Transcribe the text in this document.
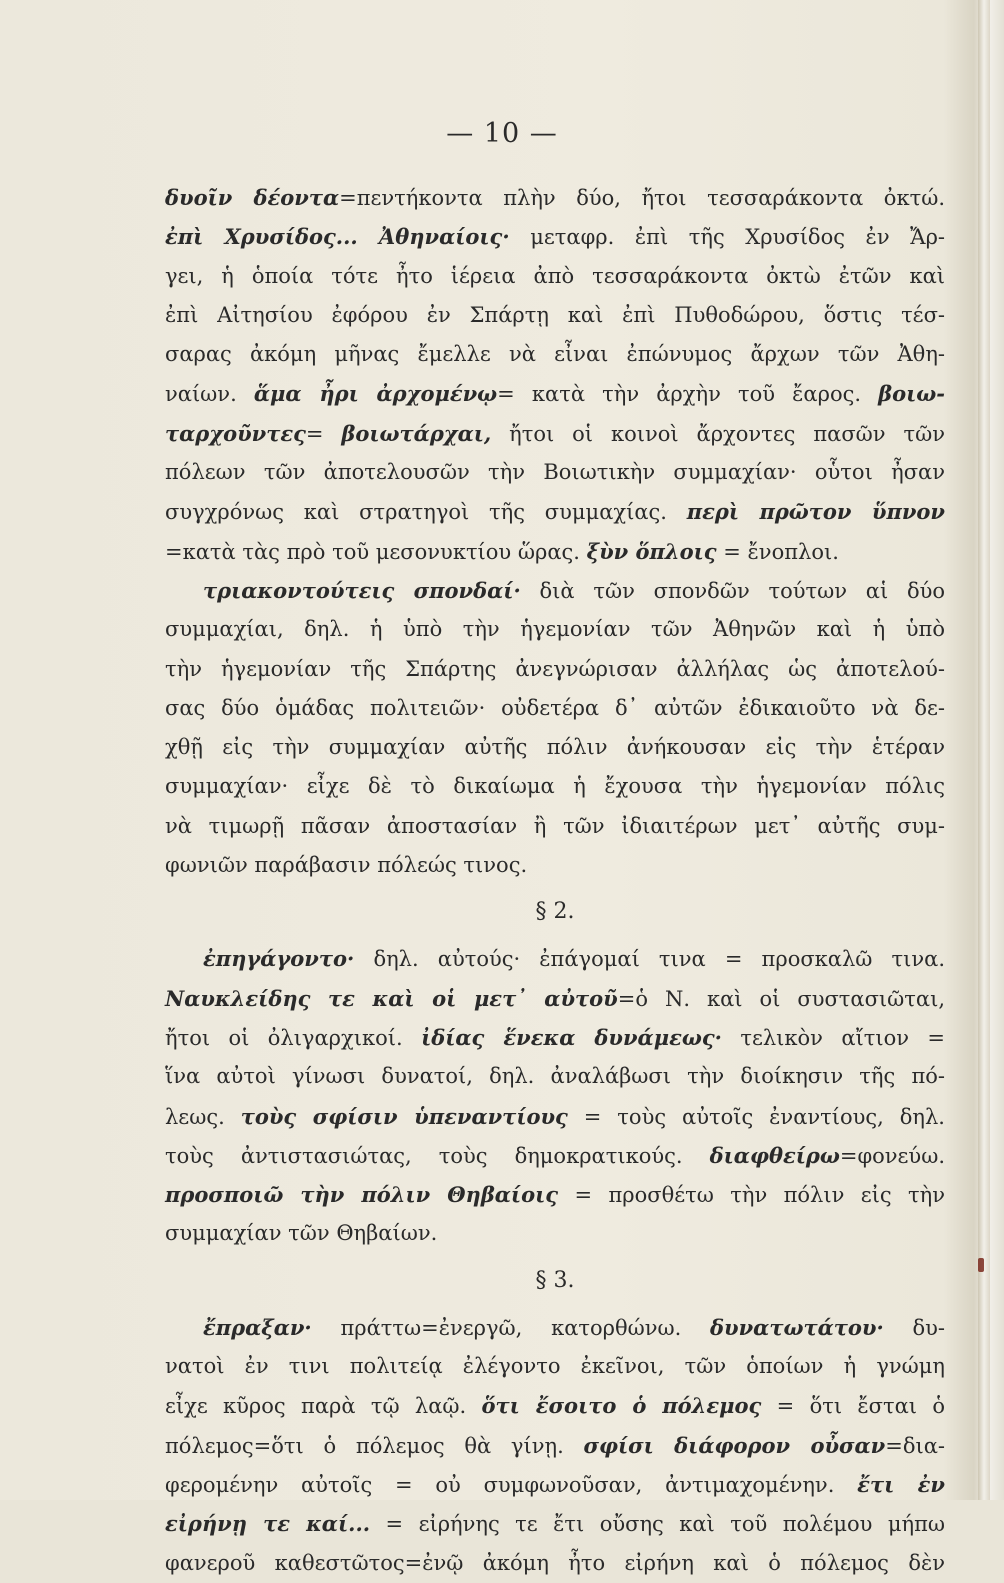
— 10 —
δυοῖν δέοντα=πεντήκοντα πλὴν δύο, ἤτοι τεσσαράκοντα ὀκτώ.
ἐπὶ Χρυσίδος... Ἀθηναίοις· μεταφρ. ἐπὶ τῆς Χρυσίδος ἐν Ἄρ-
γει, ἡ ὁποία τότε ἦτο ἱέρεια ἀπὸ τεσσαράκοντα ὀκτὼ ἐτῶν καὶ
ἐπὶ Αἰτησίου ἐφόρου ἐν Σπάρτῃ καὶ ἐπὶ Πυθοδώρου, ὅστις τέσ-
σαρας ἀκόμη μῆνας ἔμελλε νὰ εἶναι ἐπώνυμος ἄρχων τῶν Ἀθη-
ναίων. ἅμα ἦρι ἀρχομένῳ= κατὰ τὴν ἀρχὴν τοῦ ἔαρος. βοιω-
ταρχοῦντες= βοιωτάρχαι, ἤτοι οἱ κοινοὶ ἄρχοντες πασῶν τῶν
πόλεων τῶν ἀποτελουσῶν τὴν Βοιωτικὴν συμμαχίαν· οὗτοι ἦσαν
συγχρόνως καὶ στρατηγοὶ τῆς συμμαχίας. περὶ πρῶτον ὕπνον
=κατὰ τὰς πρὸ τοῦ μεσονυκτίου ὥρας. ξὺν ὅπλοις = ἔνοπλοι.
τριακοντούτεις σπονδαί· διὰ τῶν σπονδῶν τούτων αἱ δύο
συμμαχίαι, δηλ. ἡ ὑπὸ τὴν ἡγεμονίαν τῶν Ἀθηνῶν καὶ ἡ ὑπὸ
τὴν ἡγεμονίαν τῆς Σπάρτης ἀνεγνώρισαν ἀλλήλας ὡς ἀποτελού-
σας δύο ὁμάδας πολιτειῶν· οὐδετέρα δ᾽ αὐτῶν ἐδικαιοῦτο νὰ δε-
χθῇ εἰς τὴν συμμαχίαν αὐτῆς πόλιν ἀνήκουσαν εἰς τὴν ἑτέραν
συμμαχίαν· εἶχε δὲ τὸ δικαίωμα ἡ ἔχουσα τὴν ἡγεμονίαν πόλις
νὰ τιμωρῇ πᾶσαν ἀποστασίαν ἢ τῶν ἰδιαιτέρων μετ᾽ αὐτῆς συμ-
φωνιῶν παράβασιν πόλεώς τινος.
§ 2.
ἐπηγάγοντο· δηλ. αὐτούς· ἐπάγομαί τινα = προσκαλῶ τινα.
Ναυκλείδης τε καὶ οἱ μετ᾽ αὐτοῦ=ὁ Ν. καὶ οἱ συστασιῶται,
ἤτοι οἱ ὀλιγαρχικοί. ἰδίας ἕνεκα δυνάμεως· τελικὸν αἴτιον =
ἵνα αὐτοὶ γίνωσι δυνατοί, δηλ. ἀναλάβωσι τὴν διοίκησιν τῆς πό-
λεως. τοὺς σφίσιν ὑπεναντίους = τοὺς αὐτοῖς ἐναντίους, δηλ.
τοὺς ἀντιστασιώτας, τοὺς δημοκρατικούς. διαφθείρω=φονεύω.
προσποιῶ τὴν πόλιν Θηβαίοις = προσθέτω τὴν πόλιν εἰς τὴν
συμμαχίαν τῶν Θηβαίων.
§ 3.
ἔπραξαν· πράττω=ἐνεργῶ, κατορθώνω. δυνατωτάτου· δυ-
νατοὶ ἐν τινι πολιτείᾳ ἐλέγοντο ἐκεῖνοι, τῶν ὁποίων ἡ γνώμη
εἶχε κῦρος παρὰ τῷ λαῷ. ὅτι ἔσοιτο ὁ πόλεμος = ὅτι ἔσται ὁ
πόλεμος=ὅτι ὁ πόλεμος θὰ γίνῃ. σφίσι διάφορον οὖσαν=δια-
φερομένην αὐτοῖς = οὐ συμφωνοῦσαν, ἀντιμαχομένην. ἔτι ἐν
εἰρήνῃ τε καί... = εἰρήνης τε ἔτι οὔσης καὶ τοῦ πολέμου μήπω
φανεροῦ καθεστῶτος=ἐνῷ ἀκόμη ἦτο εἰρήνη καὶ ὁ πόλεμος δὲν
